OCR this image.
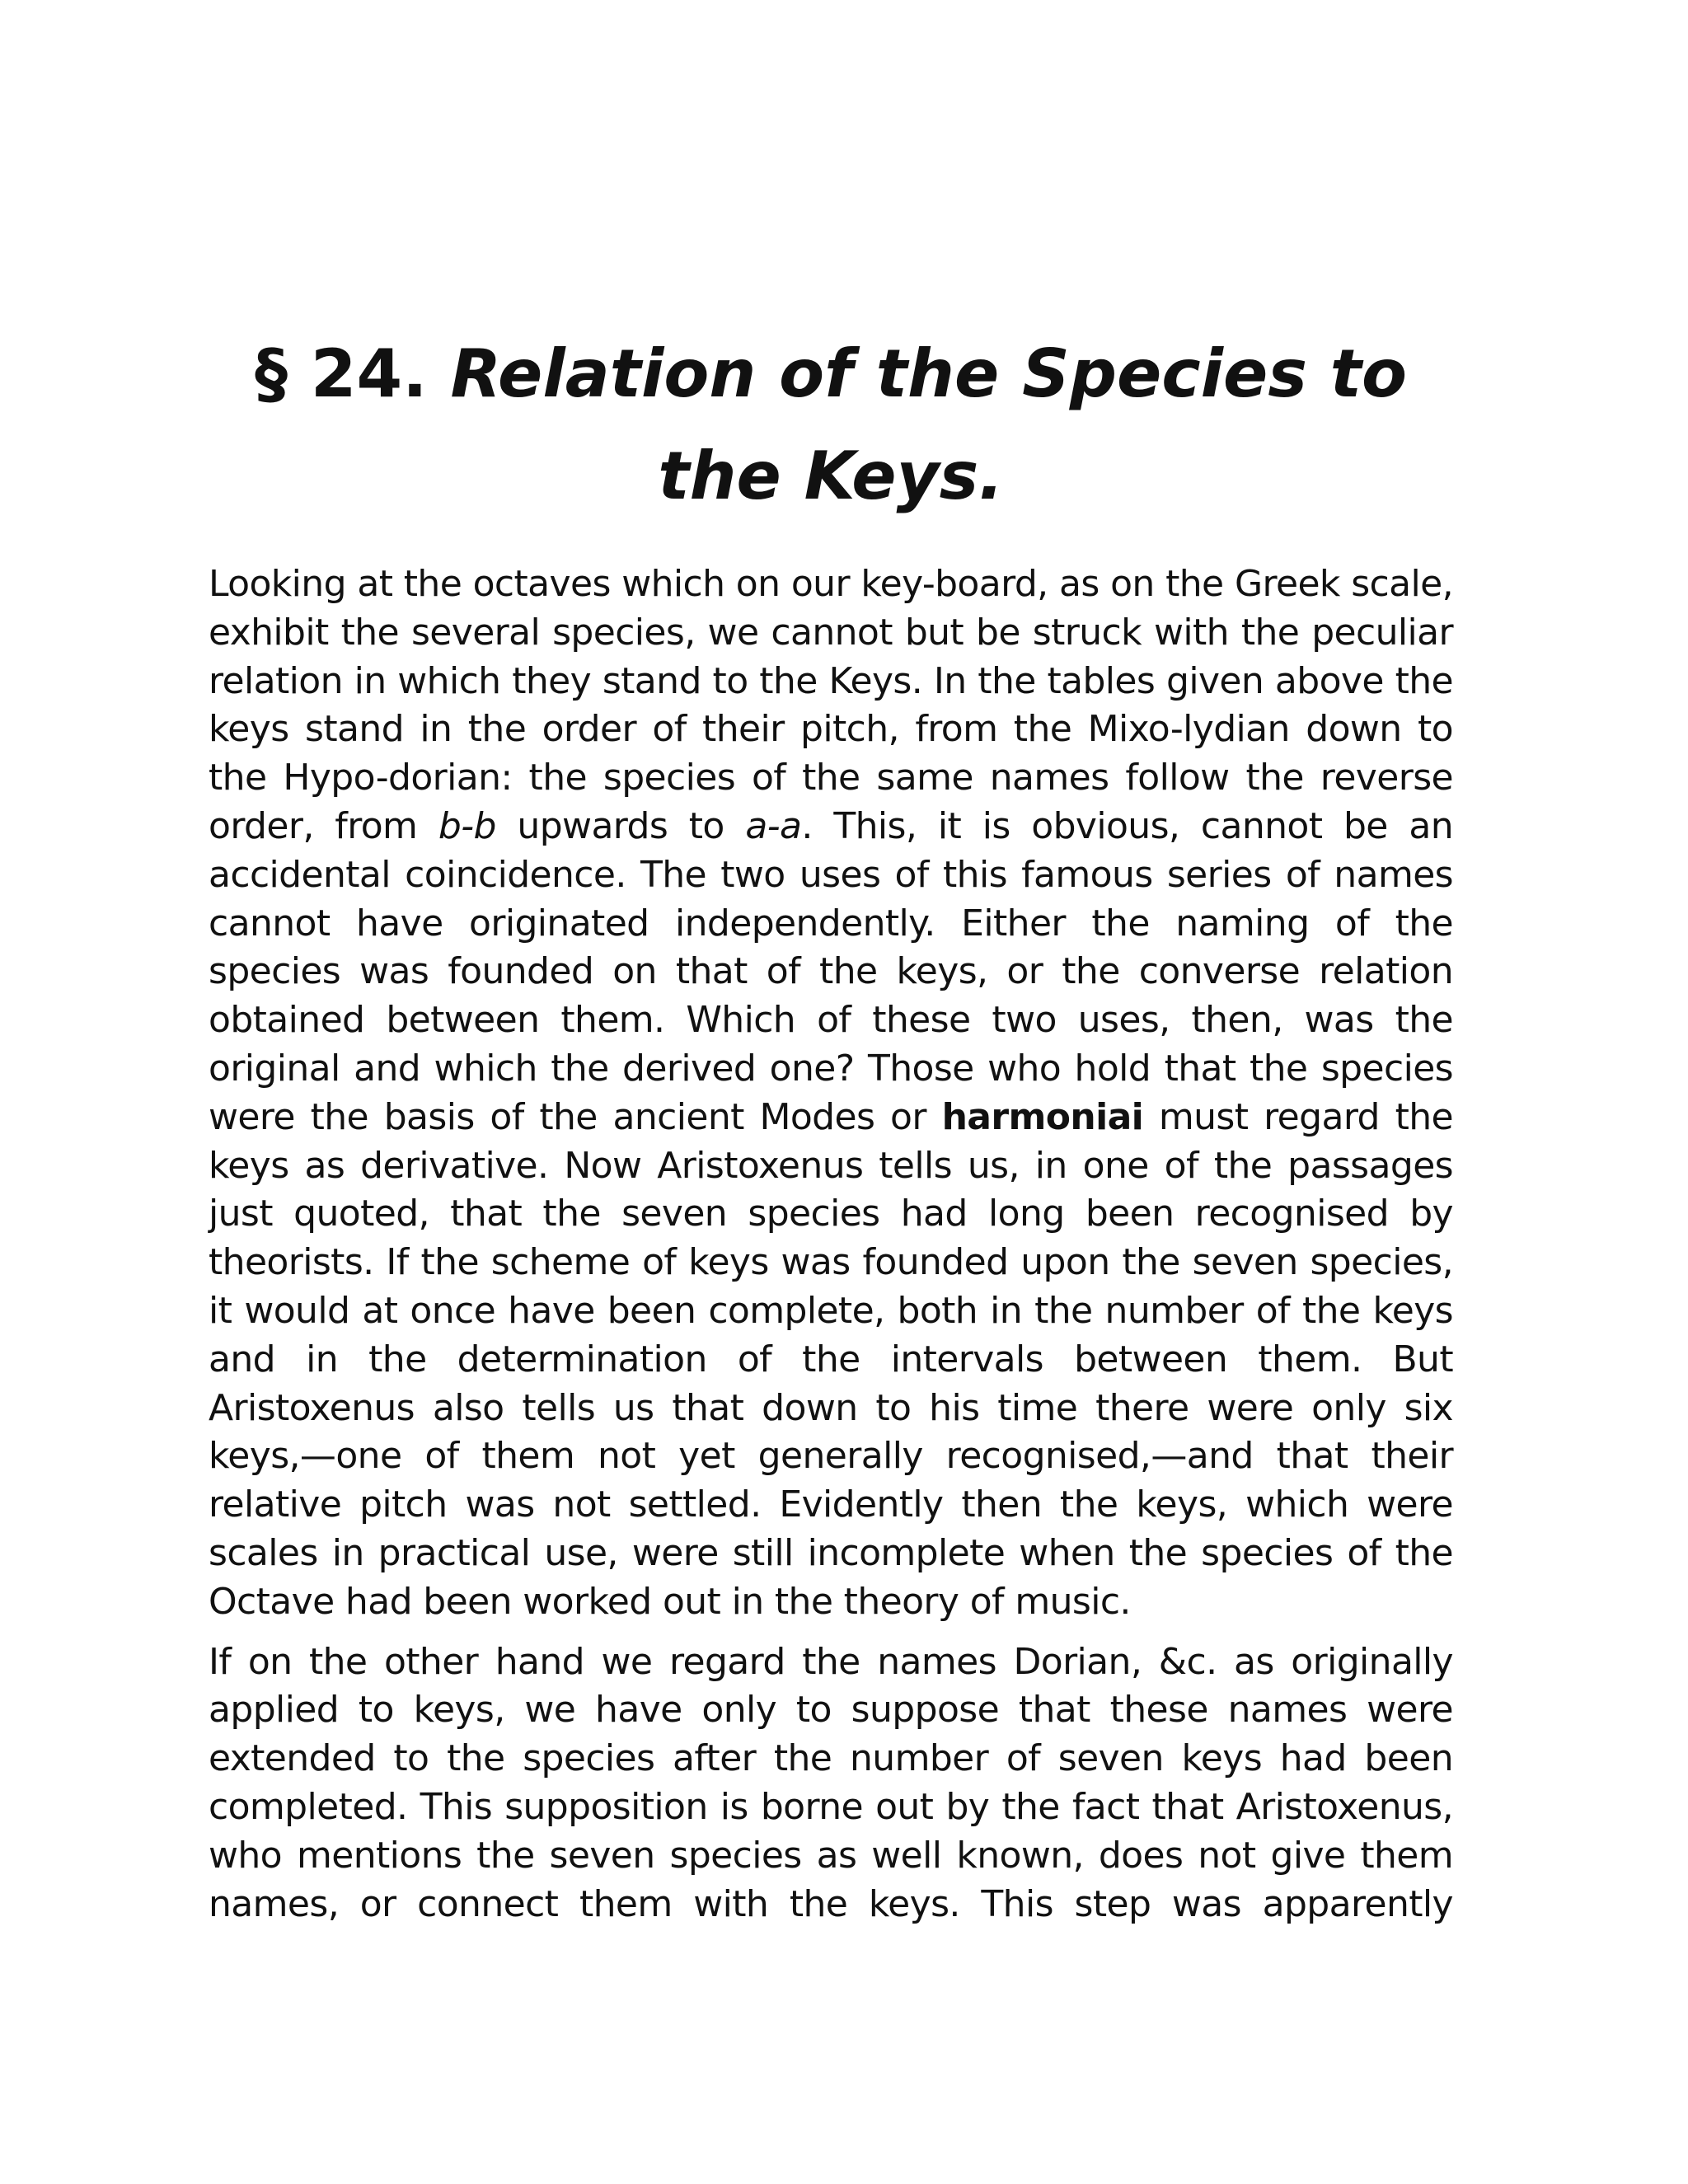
§ 24. Relation of the Species to the Keys.

Looking at the octaves which on our key-board, as on the Greek scale, exhibit the several species, we cannot but be struck with the peculiar relation in which they stand to the Keys. In the tables given above the keys stand in the order of their pitch, from the Mixo-lydian down to the Hypo-dorian: the species of the same names follow the reverse order, from b-b upwards to a-a. This, it is obvious, cannot be an accidental coincidence. The two uses of this famous series of names cannot have originated independently. Either the naming of the species was founded on that of the keys, or the converse relation obtained between them. Which of these two uses, then, was the original and which the derived one? Those who hold that the species were the basis of the ancient Modes or harmoniai must regard the keys as derivative. Now Aristoxenus tells us, in one of the passages just quoted, that the seven species had long been recognised by theorists. If the scheme of keys was founded upon the seven species, it would at once have been complete, both in the number of the keys and in the determination of the intervals between them. But Aristoxenus also tells us that down to his time there were only six keys,—one of them not yet generally recognised,—and that their relative pitch was not settled. Evidently then the keys, which were scales in practical use, were still incomplete when the species of the Octave had been worked out in the theory of music.

If on the other hand we regard the names Dorian, &c. as originally applied to keys, we have only to suppose that these names were extended to the species after the number of seven keys had been completed. This supposition is borne out by the fact that Aristoxenus, who mentions the seven species as well known, does not give them names, or connect them with the keys. This step was apparently
